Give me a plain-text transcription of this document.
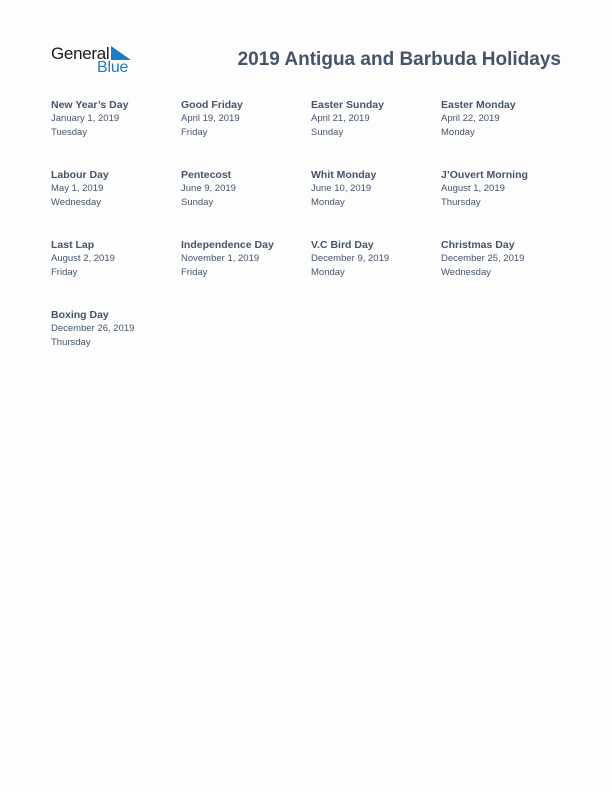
General
Blue	2019 Antigua and Barbuda Holidays
New Year’s Day
January 1, 2019
Tuesday
Good Friday
April 19, 2019
Friday
Easter Sunday
April 21, 2019
Sunday
Easter Monday
April 22, 2019
Monday
Labour Day
May 1, 2019
Wednesday
Pentecost
June 9, 2019
Sunday
Whit Monday
June 10, 2019
Monday
J’Ouvert Morning
August 1, 2019
Thursday
Last Lap
August 2, 2019
Friday
Independence Day
November 1, 2019
Friday
V.C Bird Day
December 9, 2019
Monday
Christmas Day
December 25, 2019
Wednesday
Boxing Day
December 26, 2019
Thursday
